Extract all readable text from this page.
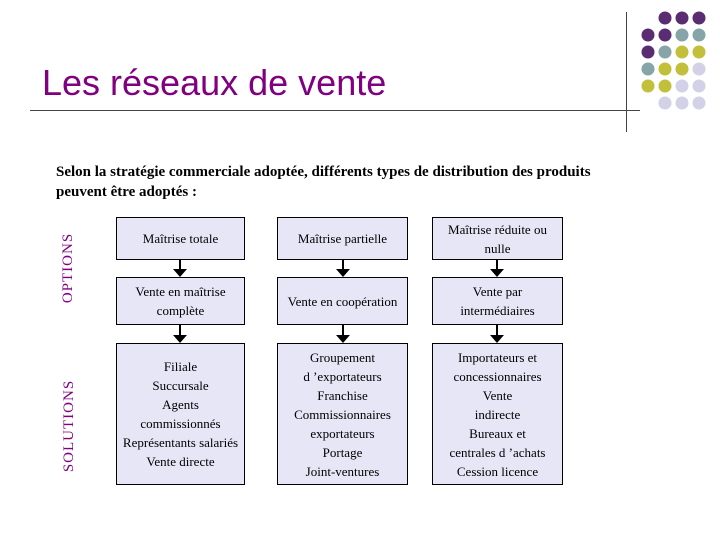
Les réseaux de vente
Selon la stratégie commerciale adoptée, différents types de distribution des produits peuvent être adoptés :
OPTIONS
SOLUTIONS
Maîtrise totale
Vente en maîtrise complète
Filiale
Succursale
Agents commissionnés
Représentants salariés
Vente directe
Maîtrise partielle
Vente en coopération
Groupement
d ’exportateurs
Franchise
Commissionnaires
exportateurs
Portage
Joint-ventures
Maîtrise réduite ou nulle
Vente par intermédiaires
Importateurs et
concessionnaires
Vente
indirecte
Bureaux et
centrales d ’achats
Cession licence
